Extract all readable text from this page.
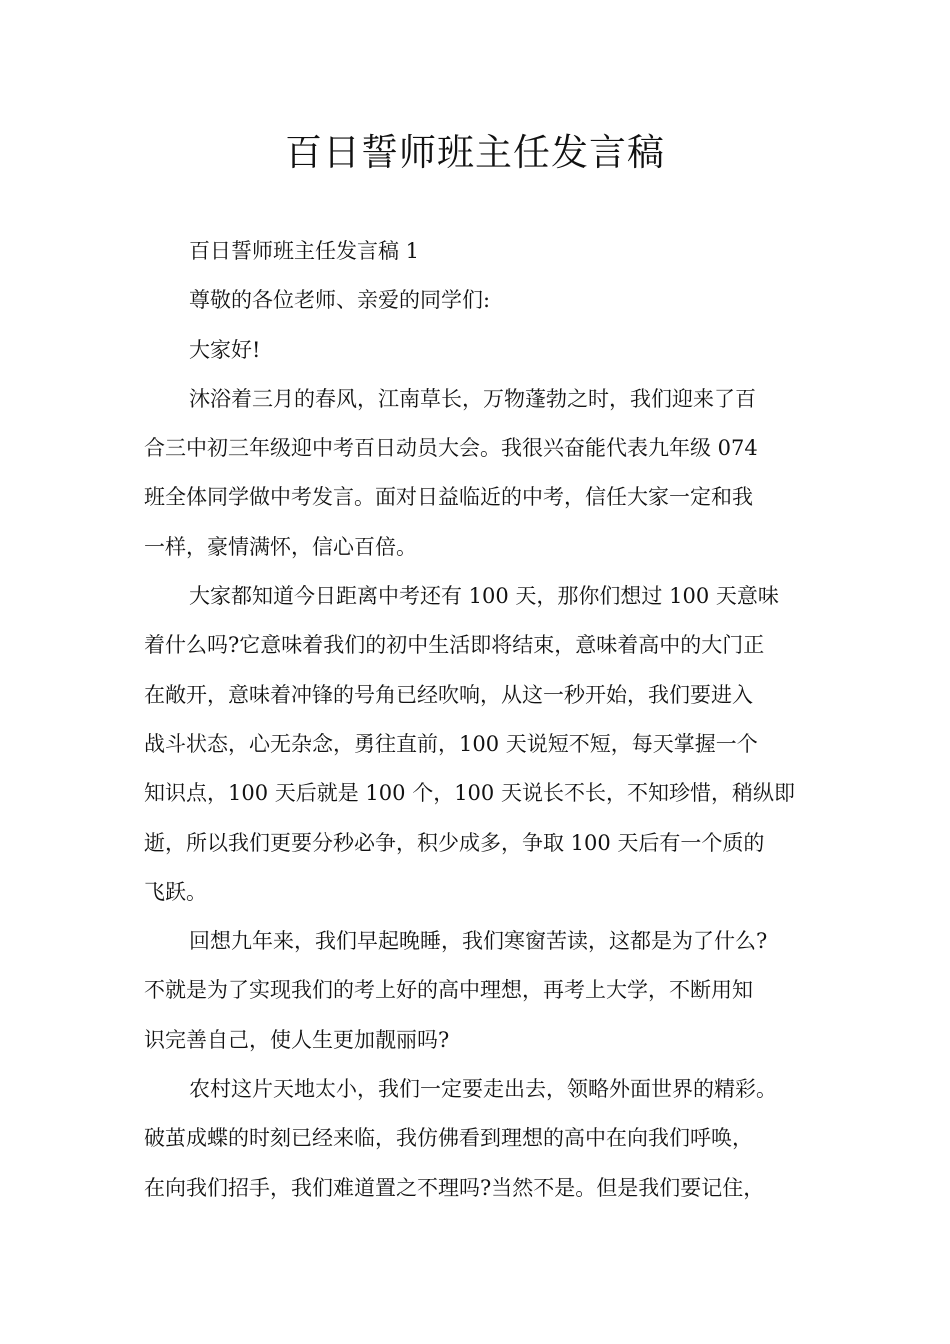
百日誓师班主任发言稿

百日誓师班主任发言稿 1

尊敬的各位老师、亲爱的同学们:

大家好!

沐浴着三月的春风，江南草长，万物蓬勃之时，我们迎来了百
合三中初三年级迎中考百日动员大会。我很兴奋能代表九年级 074
班全体同学做中考发言。面对日益临近的中考，信任大家一定和我
一样，豪情满怀，信心百倍。

大家都知道今日距离中考还有 100 天，那你们想过 100 天意味
着什么吗?它意味着我们的初中生活即将结束，意味着高中的大门正
在敞开，意味着冲锋的号角已经吹响，从这一秒开始，我们要进入
战斗状态，心无杂念，勇往直前，100 天说短不短，每天掌握一个
知识点，100 天后就是 100 个，100 天说长不长，不知珍惜，稍纵即
逝，所以我们更要分秒必争，积少成多，争取 100 天后有一个质的
飞跃。

回想九年来，我们早起晚睡，我们寒窗苦读，这都是为了什么?
不就是为了实现我们的考上好的高中理想，再考上大学，不断用知
识完善自己，使人生更加靓丽吗?

农村这片天地太小，我们一定要走出去，领略外面世界的精彩。
破茧成蝶的时刻已经来临，我仿佛看到理想的高中在向我们呼唤，
在向我们招手，我们难道置之不理吗?当然不是。但是我们要记住，
